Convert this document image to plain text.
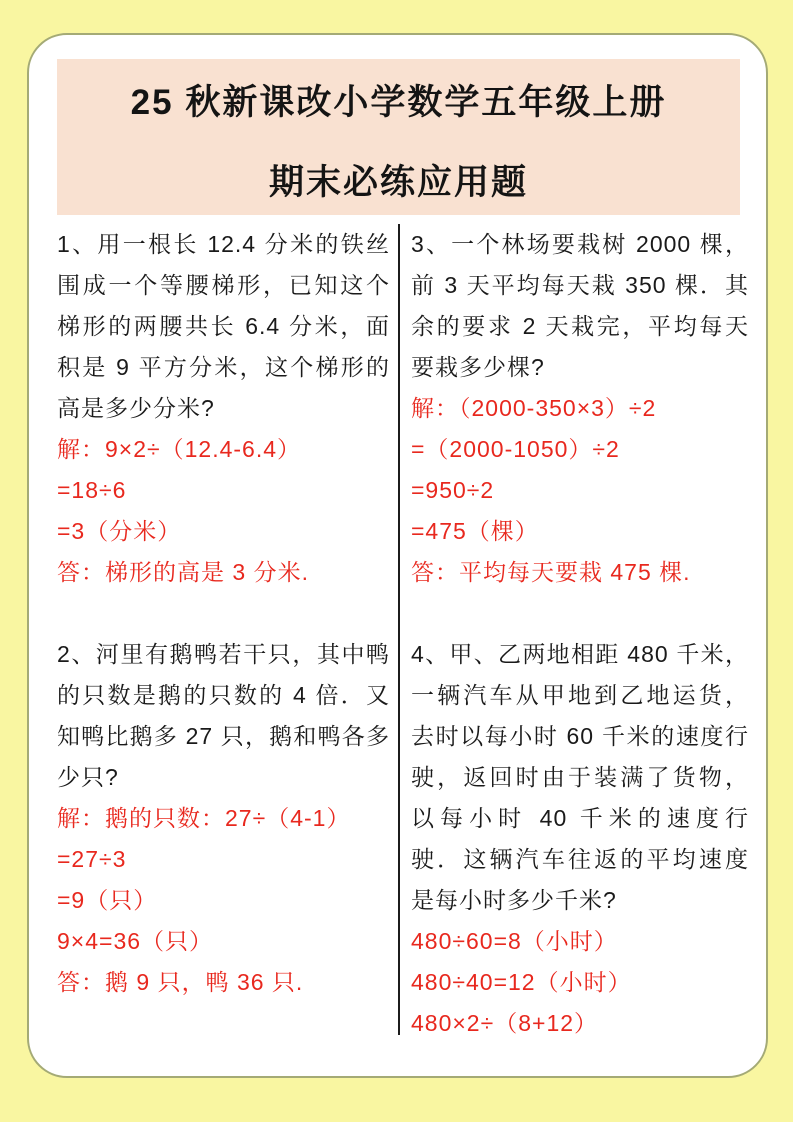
25 秋新课改小学数学五年级上册
期末必练应用题
1、用一根长 12.4 分米的铁丝
围成一个等腰梯形，已知这个
梯形的两腰共长 6.4 分米，面
积是 9 平方分米，这个梯形的
高是多少分米?
解：9×2÷（12.4-6.4）
=18÷6
=3（分米）
答：梯形的高是 3 分米.
2、河里有鹅鸭若干只，其中鸭
的只数是鹅的只数的 4 倍．又
知鸭比鹅多 27 只，鹅和鸭各多
少只?
解：鹅的只数：27÷（4-1）
=27÷3
=9（只）
9×4=36（只）
答：鹅 9 只，鸭 36 只.
3、一个林场要栽树 2000 棵，
前 3 天平均每天栽 350 棵．其
余的要求 2 天栽完，平均每天
要栽多少棵?
解：（2000-350×3）÷2
=（2000-1050）÷2
=950÷2
=475（棵）
答：平均每天要栽 475 棵.
4、甲、乙两地相距 480 千米，
一辆汽车从甲地到乙地运货，
去时以每小时 60 千米的速度行
驶，返回时由于装满了货物，
以每小时 40 千米的速度行
驶．这辆汽车往返的平均速度
是每小时多少千米?
480÷60=8（小时）
480÷40=12（小时）
480×2÷（8+12）
